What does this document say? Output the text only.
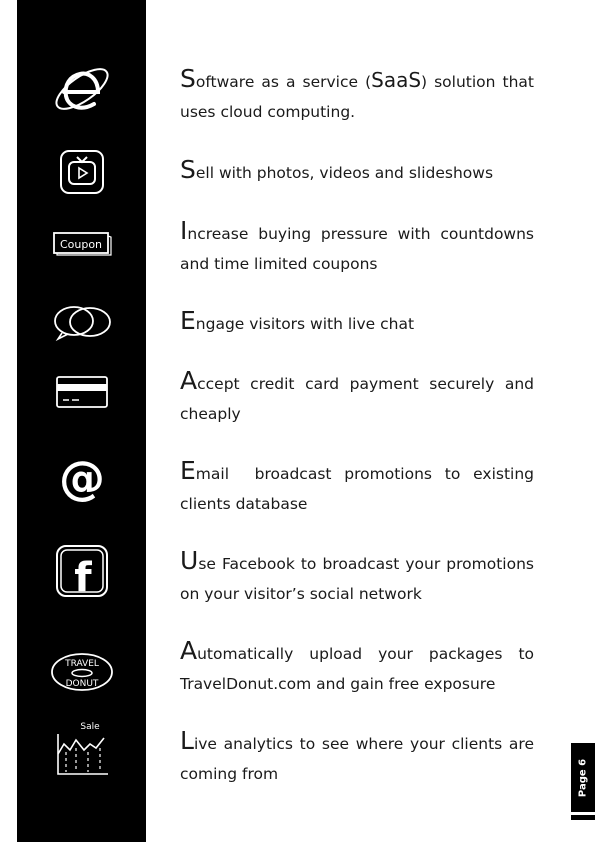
Coupon
@
f
TRAVEL
DONUT
Sale
Software as a service (SaaS) solution that uses cloud computing.
Sell with photos, videos and slideshows
Increase buying pressure with countdowns and time limited coupons
Engage visitors with live chat
Accept credit card payment securely and cheaply
Email  broadcast promotions to existing clients database
Use Facebook to broadcast your promotions on your visitor’s social network
Automatically upload your packages to TravelDonut.com and gain free exposure
Live analytics to see where your clients are coming from	Page 6
